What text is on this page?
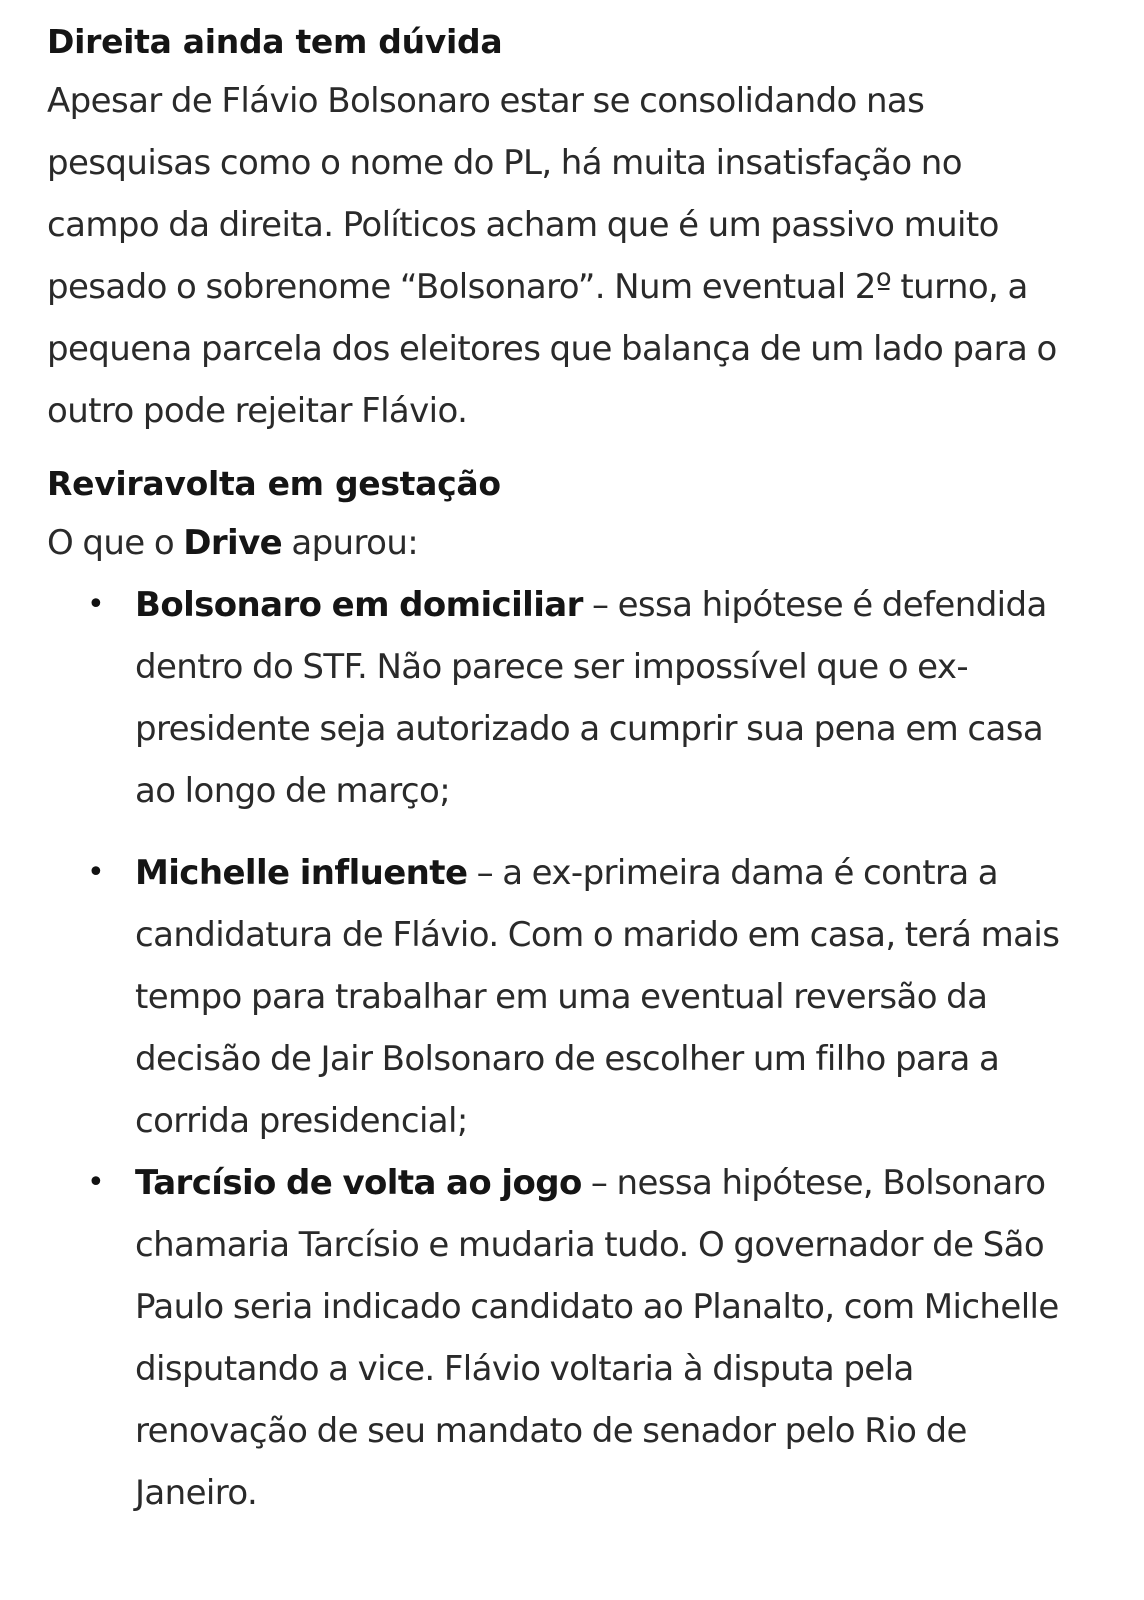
Direita ainda tem dúvida

Apesar de Flávio Bolsonaro estar se consolidando nas pesquisas como o nome do PL, há muita insatisfação no campo da direita. Políticos acham que é um passivo muito pesado o sobrenome “Bolsonaro”. Num eventual 2º turno, a pequena parcela dos eleitores que balança de um lado para o outro pode rejeitar Flávio.

Reviravolta em gestação

O que o Drive apurou:

• Bolsonaro em domiciliar – essa hipótese é defendida dentro do STF. Não parece ser impossível que o ex-presidente seja autorizado a cumprir sua pena em casa ao longo de março;
• Michelle influente – a ex-primeira dama é contra a candidatura de Flávio. Com o marido em casa, terá mais tempo para trabalhar em uma eventual reversão da decisão de Jair Bolsonaro de escolher um filho para a corrida presidencial;
• Tarcísio de volta ao jogo – nessa hipótese, Bolsonaro chamaria Tarcísio e mudaria tudo. O governador de São Paulo seria indicado candidato ao Planalto, com Michelle disputando a vice. Flávio voltaria à disputa pela renovação de seu mandato de senador pelo Rio de Janeiro.
